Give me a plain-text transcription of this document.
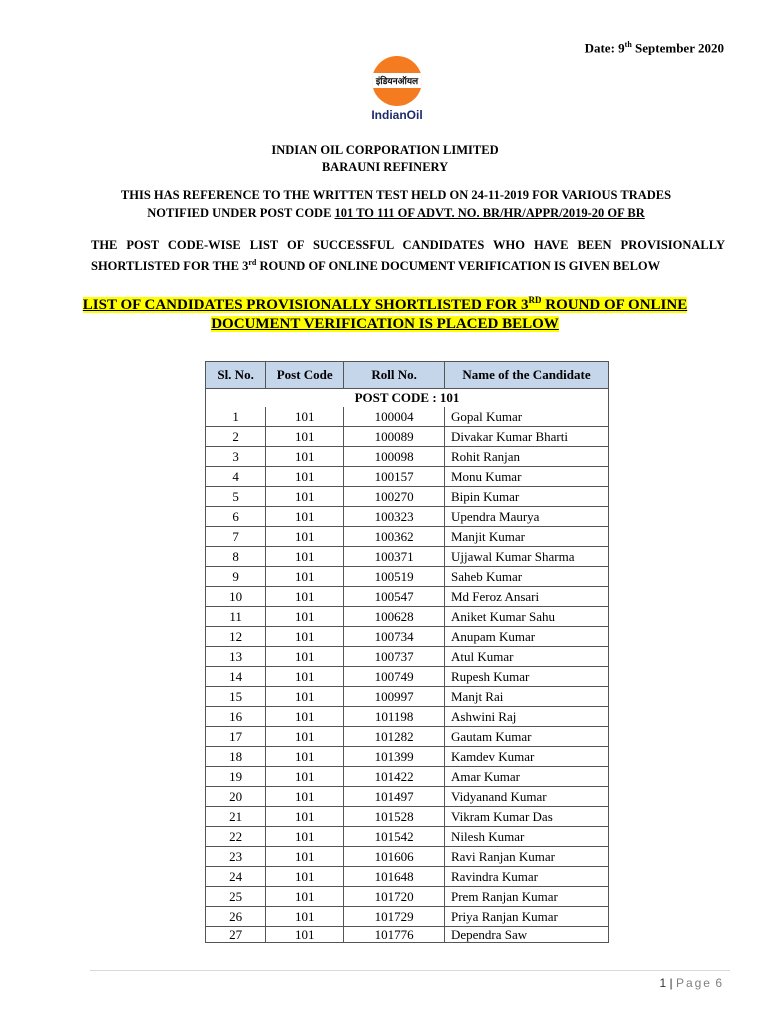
Date: 9th September 2020
इंडियनऑयल
IndianOil
INDIAN OIL CORPORATION LIMITED
BARAUNI REFINERY
THIS HAS REFERENCE TO THE WRITTEN TEST HELD ON 24-11-2019 FOR VARIOUS TRADES NOTIFIED UNDER POST CODE 101 TO 111 OF ADVT. NO. BR/HR/APPR/2019-20 OF BR
THE POST CODE-WISE LIST OF SUCCESSFUL CANDIDATES WHO HAVE BEEN PROVISIONALLY
SHORTLISTED FOR THE 3rd ROUND OF ONLINE DOCUMENT VERIFICATION IS GIVEN BELOW
LIST OF CANDIDATES PROVISIONALLY SHORTLISTED FOR 3RD ROUND OF ONLINE
DOCUMENT VERIFICATION IS PLACED BELOW
Sl. No.	Post Code	Roll No.	Name of the Candidate
POST CODE : 101			
1	101	100004	Gopal Kumar
2	101	100089	Divakar Kumar Bharti
3	101	100098	Rohit Ranjan
4	101	100157	Monu Kumar
5	101	100270	Bipin Kumar
6	101	100323	Upendra Maurya
7	101	100362	Manjit Kumar
8	101	100371	Ujjawal Kumar Sharma
9	101	100519	Saheb Kumar
10	101	100547	Md Feroz Ansari
11	101	100628	Aniket Kumar Sahu
12	101	100734	Anupam Kumar
13	101	100737	Atul Kumar
14	101	100749	Rupesh Kumar
15	101	100997	Manjt Rai
16	101	101198	Ashwini Raj
17	101	101282	Gautam Kumar
18	101	101399	Kamdev Kumar
19	101	101422	Amar Kumar
20	101	101497	Vidyanand Kumar
21	101	101528	Vikram Kumar Das
22	101	101542	Nilesh Kumar
23	101	101606	Ravi Ranjan Kumar
24	101	101648	Ravindra Kumar
25	101	101720	Prem Ranjan Kumar
26	101	101729	Priya Ranjan Kumar
27	101	101776	Dependra Saw
1 | Page 6
